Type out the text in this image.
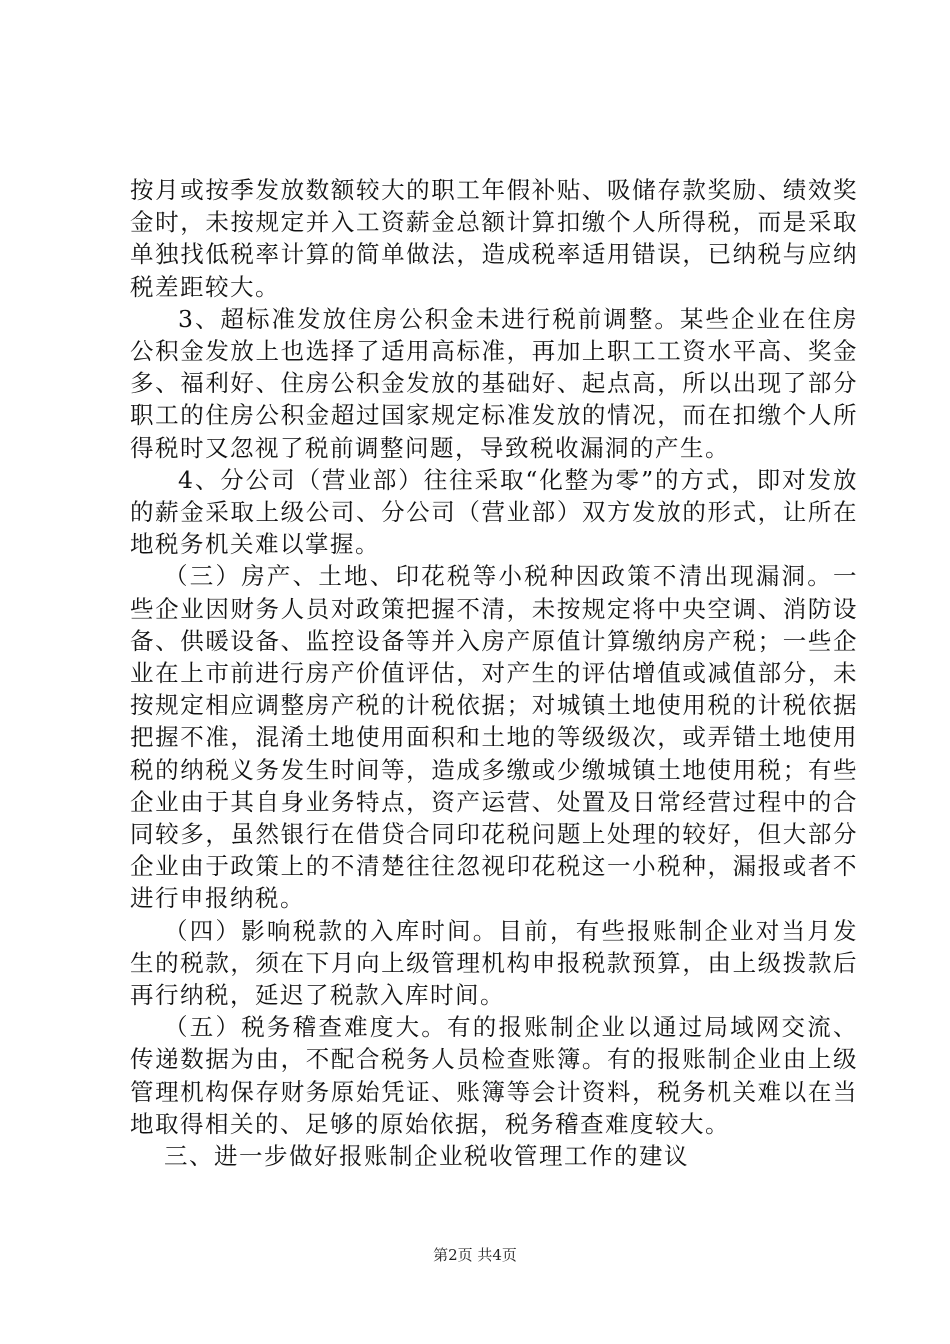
按月或按季发放数额较大的职工年假补贴、吸储存款奖励、绩效奖金时，未按规定并入工资薪金总额计算扣缴个人所得税，而是采取单独找低税率计算的简单做法，造成税率适用错误，已纳税与应纳税差距较大。

3、超标准发放住房公积金未进行税前调整。某些企业在住房公积金发放上也选择了适用高标准，再加上职工工资水平高、奖金多、福利好、住房公积金发放的基础好、起点高，所以出现了部分职工的住房公积金超过国家规定标准发放的情况，而在扣缴个人所得税时又忽视了税前调整问题，导致税收漏洞的产生。

4、分公司（营业部）往往采取“化整为零”的方式，即对发放的薪金采取上级公司、分公司（营业部）双方发放的形式，让所在地税务机关难以掌握。

（三）房产、土地、印花税等小税种因政策不清出现漏洞。一些企业因财务人员对政策把握不清，未按规定将中央空调、消防设备、供暖设备、监控设备等并入房产原值计算缴纳房产税；一些企业在上市前进行房产价值评估，对产生的评估增值或减值部分，未按规定相应调整房产税的计税依据；对城镇土地使用税的计税依据把握不准，混淆土地使用面积和土地的等级级次，或弄错土地使用税的纳税义务发生时间等，造成多缴或少缴城镇土地使用税；有些企业由于其自身业务特点，资产运营、处置及日常经营过程中的合同较多，虽然银行在借贷合同印花税问题上处理的较好，但大部分企业由于政策上的不清楚往往忽视印花税这一小税种，漏报或者不进行申报纳税。

（四）影响税款的入库时间。目前，有些报账制企业对当月发生的税款，须在下月向上级管理机构申报税款预算，由上级拨款后再行纳税，延迟了税款入库时间。

（五）税务稽查难度大。有的报账制企业以通过局域网交流、传递数据为由，不配合税务人员检查账簿。有的报账制企业由上级管理机构保存财务原始凭证、账簿等会计资料，税务机关难以在当地取得相关的、足够的原始依据，税务稽查难度较大。

三、进一步做好报账制企业税收管理工作的建议

第2页 共4页
